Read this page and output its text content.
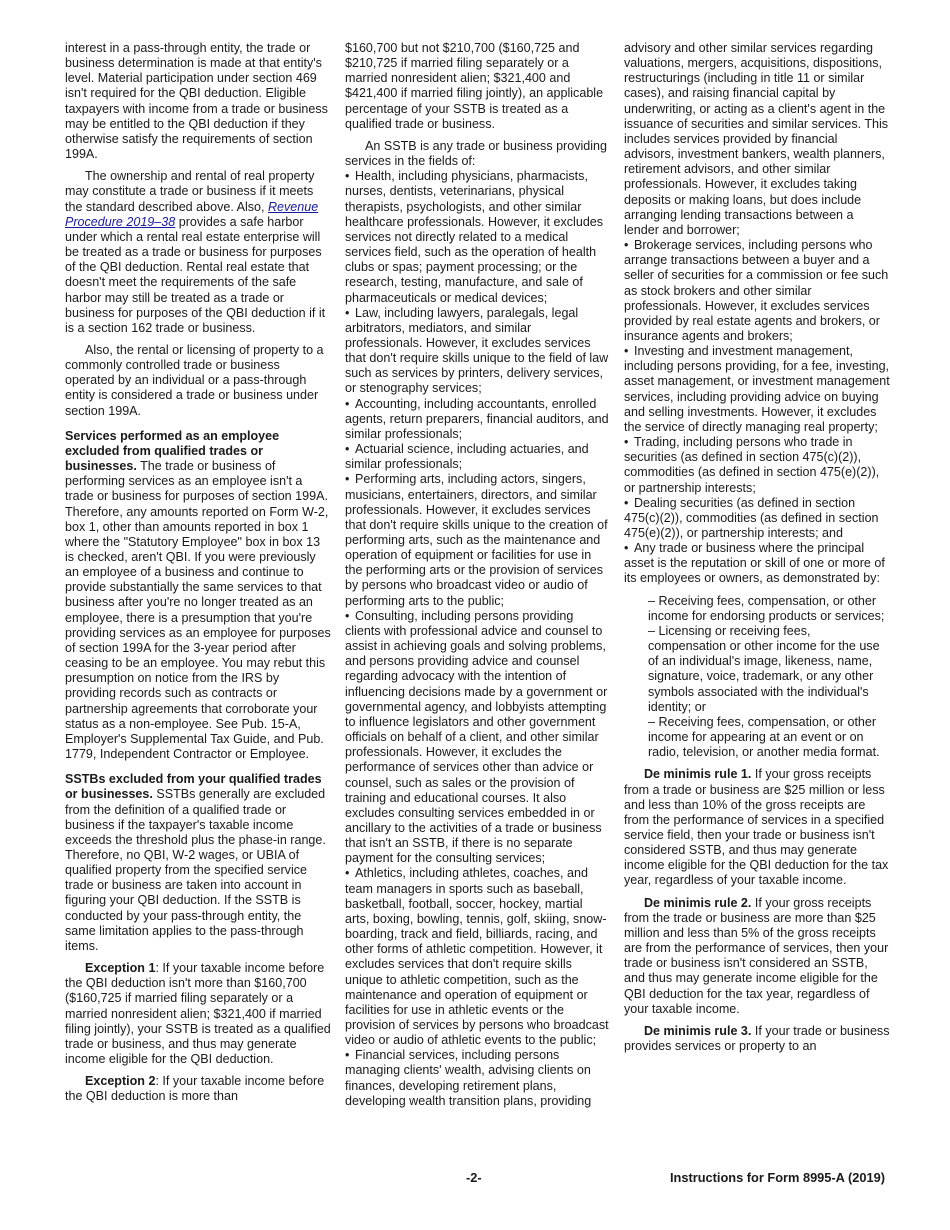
interest in a pass-through entity, the trade or business determination is made at that entity's level. Material participation under section 469 isn't required for the QBI deduction. Eligible taxpayers with income from a trade or business may be entitled to the QBI deduction if they otherwise satisfy the requirements of section 199A.

The ownership and rental of real property may constitute a trade or business if it meets the standard described above. Also, Revenue Procedure 2019–38 provides a safe harbor under which a rental real estate enterprise will be treated as a trade or business for purposes of the QBI deduction. Rental real estate that doesn't meet the requirements of the safe harbor may still be treated as a trade or business for purposes of the QBI deduction if it is a section 162 trade or business.

Also, the rental or licensing of property to a commonly controlled trade or business operated by an individual or a pass-through entity is considered a trade or business under section 199A.

Services performed as an employee excluded from qualified trades or businesses. The trade or business of performing services as an employee isn't a trade or business for purposes of section 199A. Therefore, any amounts reported on Form W-2, box 1, other than amounts reported in box 1 where the "Statutory Employee" box in box 13 is checked, aren't QBI. If you were previously an employee of a business and continue to provide substantially the same services to that business after you're no longer treated as an employee, there is a presumption that you're providing services as an employee for purposes of section 199A for the 3-year period after ceasing to be an employee. You may rebut this presumption on notice from the IRS by providing records such as contracts or partnership agreements that corroborate your status as a non-employee. See Pub. 15-A, Employer's Supplemental Tax Guide, and Pub. 1779, Independent Contractor or Employee.

SSTBs excluded from your qualified trades or businesses. SSTBs generally are excluded from the definition of a qualified trade or business if the taxpayer's taxable income exceeds the threshold plus the phase-in range. Therefore, no QBI, W-2 wages, or UBIA of qualified property from the specified service trade or business are taken into account in figuring your QBI deduction. If the SSTB is conducted by your pass-through entity, the same limitation applies to the pass-through items.

Exception 1: If your taxable income before the QBI deduction isn't more than $160,700 ($160,725 if married filing separately or a married nonresident alien; $321,400 if married filing jointly), your SSTB is treated as a qualified trade or business, and thus may generate income eligible for the QBI deduction.

Exception 2: If your taxable income before the QBI deduction is more than

$160,700 but not $210,700 ($160,725 and $210,725 if married filing separately or a married nonresident alien; $321,400 and $421,400 if married filing jointly), an applicable percentage of your SSTB is treated as a qualified trade or business.

An SSTB is any trade or business providing services in the fields of:

• Health, including physicians, pharmacists, nurses, dentists, veterinarians, physical therapists, psychologists, and other similar healthcare professionals. However, it excludes services not directly related to a medical services field, such as the operation of health clubs or spas; payment processing; or the research, testing, manufacture, and sale of pharmaceuticals or medical devices;

• Law, including lawyers, paralegals, legal arbitrators, mediators, and similar professionals. However, it excludes services that don't require skills unique to the field of law such as services by printers, delivery services, or stenography services;

• Accounting, including accountants, enrolled agents, return preparers, financial auditors, and similar professionals;

• Actuarial science, including actuaries, and similar professionals;

• Performing arts, including actors, singers, musicians, entertainers, directors, and similar professionals. However, it excludes services that don't require skills unique to the creation of performing arts, such as the maintenance and operation of equipment or facilities for use in the performing arts or the provision of services by persons who broadcast video or audio of performing arts to the public;

• Consulting, including persons providing clients with professional advice and counsel to assist in achieving goals and solving problems, and persons providing advice and counsel regarding advocacy with the intention of influencing decisions made by a government or governmental agency, and lobbyists attempting to influence legislators and other government officials on behalf of a client, and other similar professionals. However, it excludes the performance of services other than advice or counsel, such as sales or the provision of training and educational courses. It also excludes consulting services embedded in or ancillary to the activities of a trade or business that isn't an SSTB, if there is no separate payment for the consulting services;

• Athletics, including athletes, coaches, and team managers in sports such as baseball, basketball, football, soccer, hockey, martial arts, boxing, bowling, tennis, golf, skiing, snow-boarding, track and field, billiards, racing, and other forms of athletic competition. However, it excludes services that don't require skills unique to athletic competition, such as the maintenance and operation of equipment or facilities for use in athletic events or the provision of services by persons who broadcast video or audio of athletic events to the public;

• Financial services, including persons managing clients' wealth, advising clients on finances, developing retirement plans, developing wealth transition plans, providing

advisory and other similar services regarding valuations, mergers, acquisitions, dispositions, restructurings (including in title 11 or similar cases), and raising financial capital by underwriting, or acting as a client's agent in the issuance of securities and similar services. This includes services provided by financial advisors, investment bankers, wealth planners, retirement advisors, and other similar professionals. However, it excludes taking deposits or making loans, but does include arranging lending transactions between a lender and borrower;

• Brokerage services, including persons who arrange transactions between a buyer and a seller of securities for a commission or fee such as stock brokers and other similar professionals. However, it excludes services provided by real estate agents and brokers, or insurance agents and brokers;

• Investing and investment management, including persons providing, for a fee, investing, asset management, or investment management services, including providing advice on buying and selling investments. However, it excludes the service of directly managing real property;

• Trading, including persons who trade in securities (as defined in section 475(c)(2)), commodities (as defined in section 475(e)(2)), or partnership interests;

• Dealing securities (as defined in section 475(c)(2)), commodities (as defined in section 475(e)(2)), or partnership interests; and

• Any trade or business where the principal asset is the reputation or skill of one or more of its employees or owners, as demonstrated by:

– Receiving fees, compensation, or other income for endorsing products or services;

– Licensing or receiving fees, compensation or other income for the use of an individual's image, likeness, name, signature, voice, trademark, or any other symbols associated with the individual's identity; or

– Receiving fees, compensation, or other income for appearing at an event or on radio, television, or another media format.

De minimis rule 1. If your gross receipts from a trade or business are $25 million or less and less than 10% of the gross receipts are from the performance of services in a specified service field, then your trade or business isn't considered SSTB, and thus may generate income eligible for the QBI deduction for the tax year, regardless of your taxable income.

De minimis rule 2. If your gross receipts from the trade or business are more than $25 million and less than 5% of the gross receipts are from the performance of services, then your trade or business isn't considered an SSTB, and thus may generate income eligible for the QBI deduction for the tax year, regardless of your taxable income.

De minimis rule 3. If your trade or business provides services or property to an

-2-	Instructions for Form 8995-A (2019)
